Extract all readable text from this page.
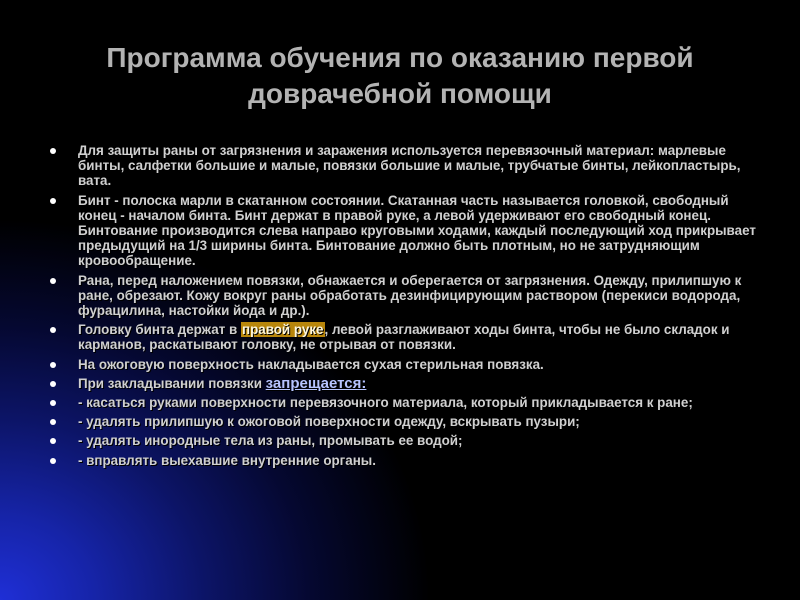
Программа обучения по оказанию первой доврачебной помощи
Для защиты раны от загрязнения и заражения используется перевязочный материал: марлевые бинты, салфетки большие и малые, повязки большие и малые, трубчатые бинты, лейкопластырь, вата.
Бинт - полоска марли в скатанном состоянии. Скатанная часть называется головкой, свободный конец - началом бинта. Бинт держат в правой руке, а левой удерживают его свободный конец. Бинтование производится слева направо круговыми ходами, каждый последующий ход прикрывает предыдущий на 1/3 ширины бинта. Бинтование должно быть плотным, но не затрудняющим кровообращение.
Рана, перед наложением повязки, обнажается и оберегается от загрязнения. Одежду, прилипшую к ране, обрезают. Кожу вокруг раны обработать дезинфицирующим раствором (перекиси водорода, фурацилина, настойки йода и др.).
Головку бинта держат в правой руке, левой разглаживают ходы бинта, чтобы не было складок и карманов, раскатывают головку, не отрывая от повязки.
На ожоговую поверхность накладывается сухая стерильная повязка.
При закладывании повязки запрещается:
- касаться руками поверхности перевязочного материала, который прикладывается к ране;
- удалять прилипшую к ожоговой поверхности одежду, вскрывать пузыри;
- удалять инородные тела из раны, промывать ее водой;
- вправлять выехавшие внутренние органы.
